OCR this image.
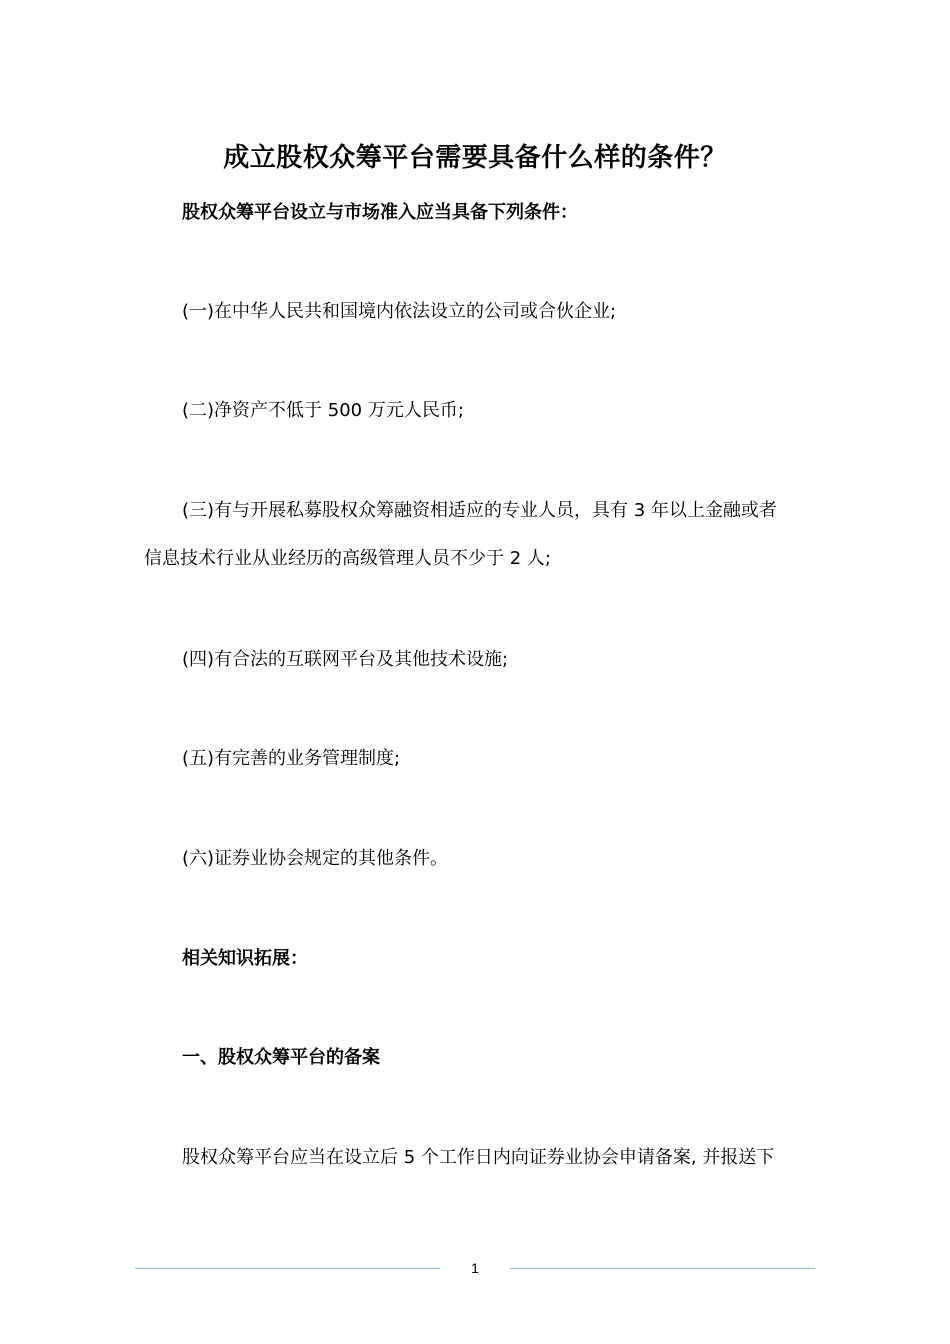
成立股权众筹平台需要具备什么样的条件？
股权众筹平台设立与市场准入应当具备下列条件：
(一)在中华人民共和国境内依法设立的公司或合伙企业;
(二)净资产不低于 500 万元人民币;
(三)有与开展私募股权众筹融资相适应的专业人员，具有 3 年以上金融或者
信息技术行业从业经历的高级管理人员不少于 2 人;
(四)有合法的互联网平台及其他技术设施;
(五)有完善的业务管理制度;
(六)证券业协会规定的其他条件。
相关知识拓展：
一、股权众筹平台的备案
股权众筹平台应当在设立后 5 个工作日内向证券业协会申请备案, 并报送下
1
